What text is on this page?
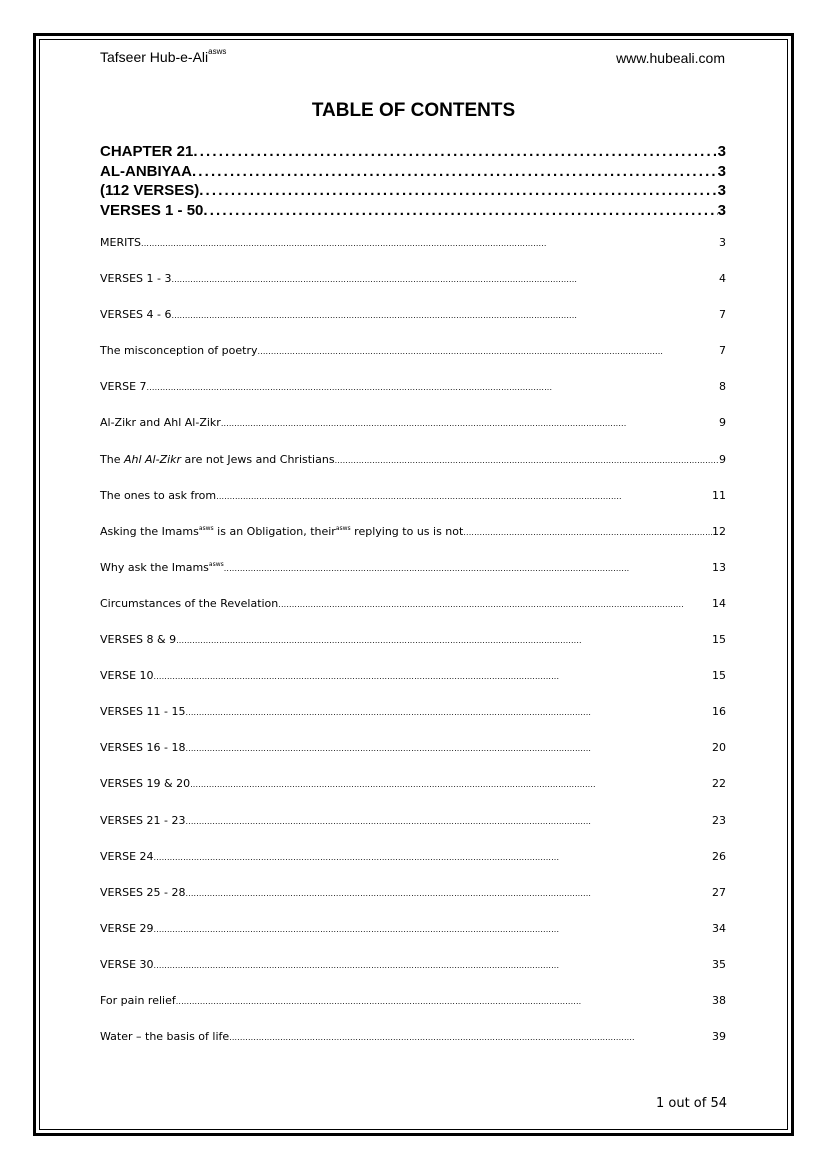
Tafseer Hub-e-Ali$^{asws}$	www.hubeali.com
TABLE OF CONTENTS
CHAPTER 21 . . .	3
AL-ANBIYAA . . .	3
(112 VERSES) . . .	3
VERSES 1 - 50 . . .	3
MERITS . . .	3
VERSES 1 - 3 . . .	4
VERSES 4 - 6 . . .	7
The misconception of poetry . . .	7
VERSE 7 . . .	8
Al-Zikr and Ahl Al-Zikr . . .	9
The Ahl Al-Zikr are not Jews and Christians . . .	9
The ones to ask from . . .	11
Asking the Imams$^{asws}$ is an Obligation, their$^{asws}$ replying to us is not . . .	12
Why ask the Imams$^{asws}$ . . .	13
Circumstances of the Revelation . . .	14
VERSES 8 & 9 . . .	15
VERSE 10 . . .	15
VERSES 11 - 15 . . .	16
VERSES 16 - 18 . . .	20
VERSES 19 & 20 . . .	22
VERSES 21 - 23 . . .	23
VERSE 24 . . .	26
VERSES 25 - 28 . . .	27
VERSE 29 . . .	34
VERSE 30 . . .	35
For pain relief . . .	38
Water – the basis of life . . .	39
1 out of 54
